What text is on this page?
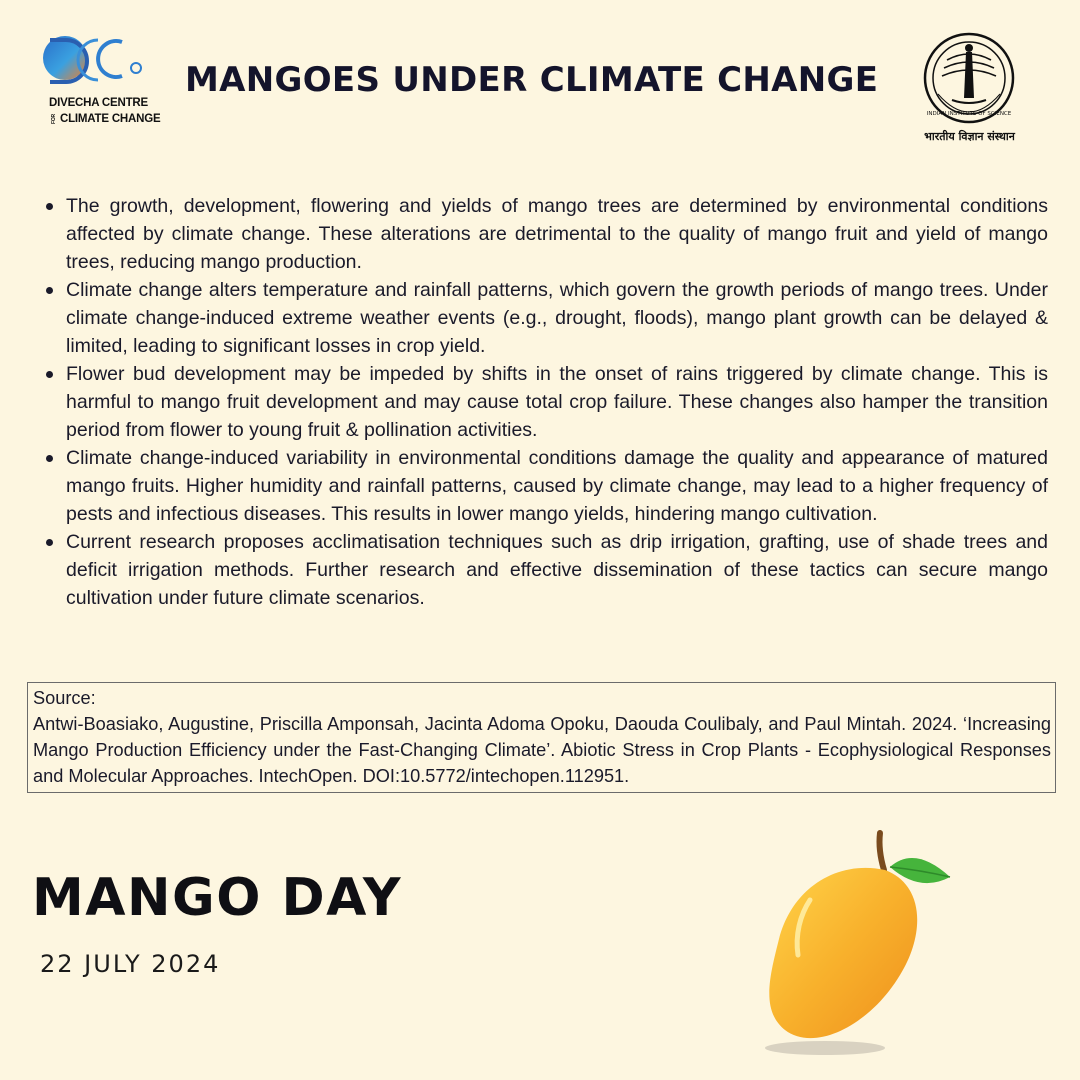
DIVECHA CENTRE
FOR CLIMATE CHANGE
MANGOES UNDER CLIMATE CHANGE
INDIAN INSTITUTE OF SCIENCE
भारतीय विज्ञान संस्थान
The growth, development, flowering and yields of mango trees are determined by environmental conditions affected by climate change. These alterations are detrimental to the quality of mango fruit and yield of mango trees, reducing mango production.
Climate change alters temperature and rainfall patterns, which govern the growth periods of mango trees. Under climate change-induced extreme weather events (e.g., drought, floods), mango plant growth can be delayed & limited, leading to significant losses in crop yield.
Flower bud development may be impeded by shifts in the onset of rains triggered by climate change. This is harmful to mango fruit development and may cause total crop failure. These changes also hamper the transition period from flower to young fruit & pollination activities.
Climate change-induced variability in environmental conditions damage the quality and appearance of matured mango fruits. Higher humidity and rainfall patterns, caused by climate change, may lead to a higher frequency of pests and infectious diseases. This results in lower mango yields, hindering mango cultivation.
Current research proposes acclimatisation techniques such as drip irrigation, grafting, use of shade trees and deficit irrigation methods. Further research and effective dissemination of these tactics can secure mango cultivation under future climate scenarios.
Source:
Antwi-Boasiako, Augustine, Priscilla Amponsah, Jacinta Adoma Opoku, Daouda Coulibaly, and Paul Mintah. 2024. ‘Increasing Mango Production Efficiency under the Fast-Changing Climate’. Abiotic Stress in Crop Plants - Ecophysiological Responses and Molecular Approaches. IntechOpen. DOI:10.5772/intechopen.112951.
MANGO DAY
22 JULY 2024
